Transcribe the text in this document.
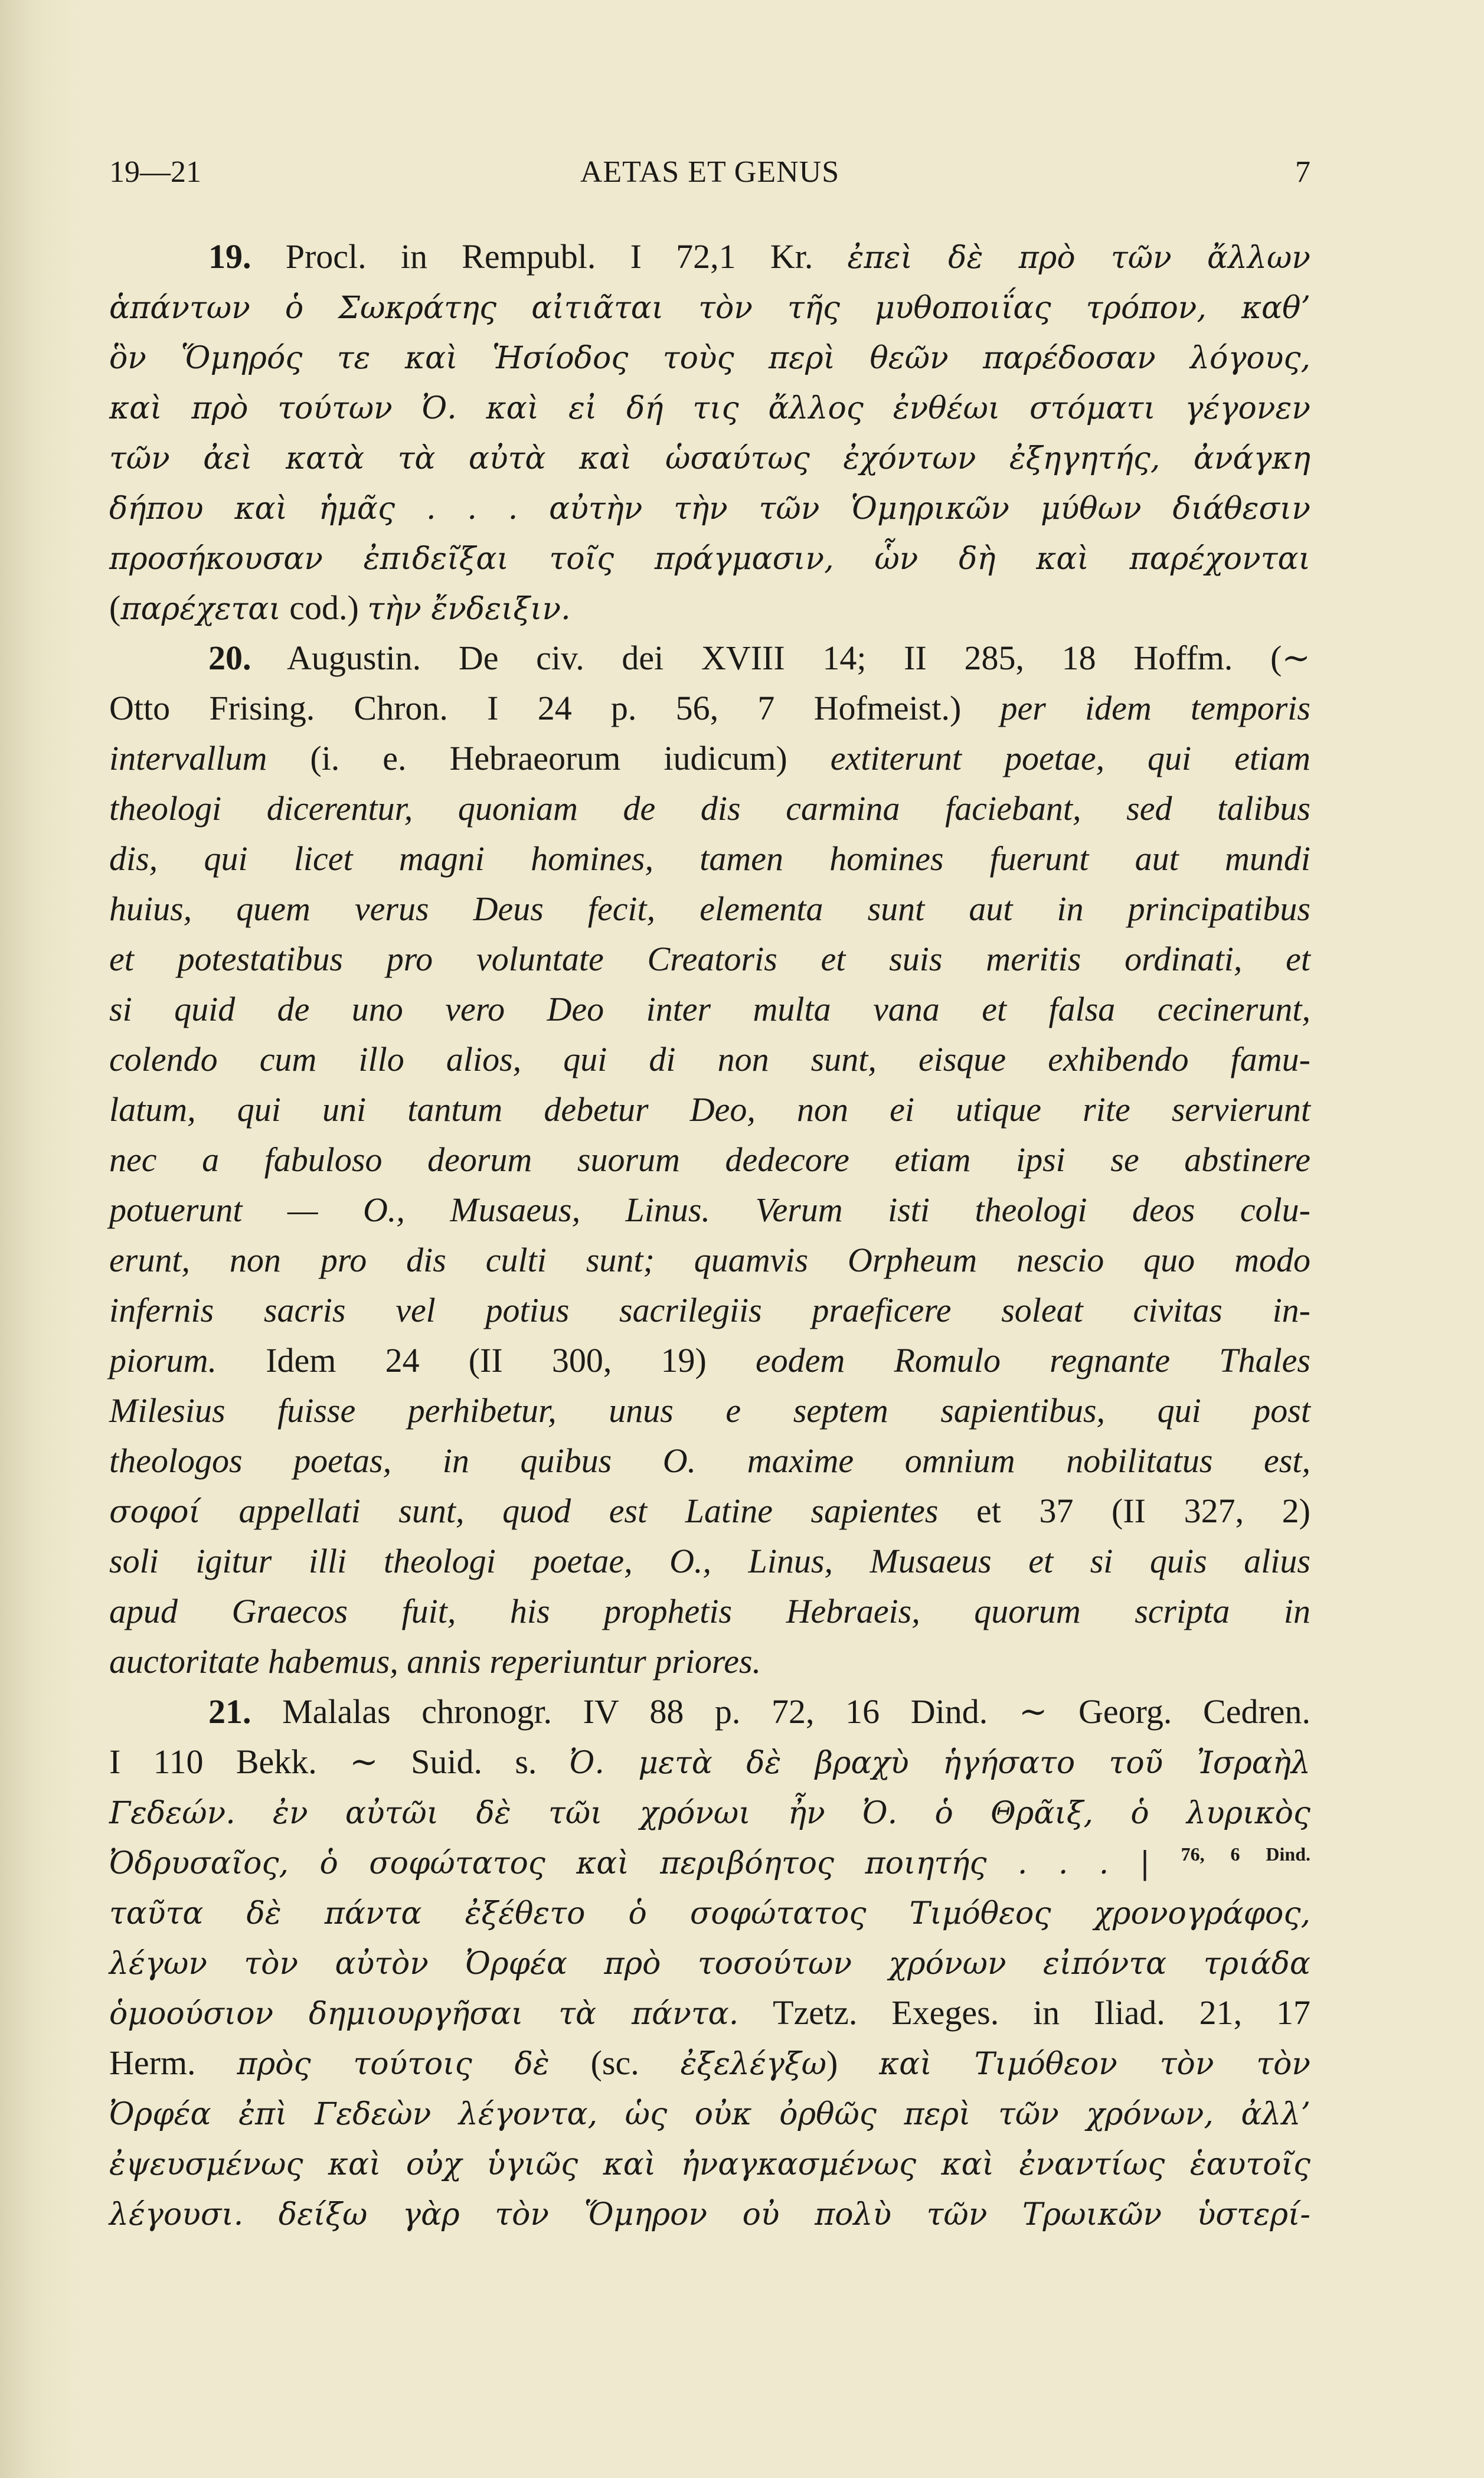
19—21	AETAS ET GENUS	7
19. Procl. in Rempubl. I 72,1 Kr. ἐπεὶ δὲ πρὸ τῶν ἄλλων
ἁπάντων ὁ Σωκράτης αἰτιᾶται τὸν τῆς μυθοποιΐας τρόπον, καθ’
ὃν Ὅμηρός τε καὶ Ἡσίοδος τοὺς περὶ θεῶν παρέδοσαν λόγους,
καὶ πρὸ τούτων Ὀ. καὶ εἰ δή τις ἄλλος ἐνθέωι στόματι γέγονεν
τῶν ἀεὶ κατὰ τὰ αὐτὰ καὶ ὡσαύτως ἐχόντων ἐξηγητής, ἀνάγκη
δήπου καὶ ἡμᾶς . . . αὐτὴν τὴν τῶν Ὁμηρικῶν μύθων διάθεσιν
προσήκουσαν ἐπιδεῖξαι τοῖς πράγμασιν, ὧν δὴ καὶ παρέχονται
(παρέχεται cod.) τὴν ἔνδειξιν.
20. Augustin. De civ. dei XVIII 14; II 285, 18 Hoffm. (∼
Otto Frising. Chron. I 24 p. 56, 7 Hofmeist.) per idem temporis
intervallum (i. e. Hebraeorum iudicum) extiterunt poetae, qui etiam
theologi dicerentur, quoniam de dis carmina faciebant, sed talibus
dis, qui licet magni homines, tamen homines fuerunt aut mundi
huius, quem verus Deus fecit, elementa sunt aut in principatibus
et potestatibus pro voluntate Creatoris et suis meritis ordinati, et
si quid de uno vero Deo inter multa vana et falsa cecinerunt,
colendo cum illo alios, qui di non sunt, eisque exhibendo famu-
latum, qui uni tantum debetur Deo, non ei utique rite servierunt
nec a fabuloso deorum suorum dedecore etiam ipsi se abstinere
potuerunt — O., Musaeus, Linus. Verum isti theologi deos colu-
erunt, non pro dis culti sunt; quamvis Orpheum nescio quo modo
infernis sacris vel potius sacrilegiis praeficere soleat civitas in-
piorum. Idem 24 (II 300, 19) eodem Romulo regnante Thales
Milesius fuisse perhibetur, unus e septem sapientibus, qui post
theologos poetas, in quibus O. maxime omnium nobilitatus est,
σοφοί appellati sunt, quod est Latine sapientes et 37 (II 327, 2)
soli igitur illi theologi poetae, O., Linus, Musaeus et si quis alius
apud Graecos fuit, his prophetis Hebraeis, quorum scripta in
auctoritate habemus, annis reperiuntur priores.
21. Malalas chronogr. IV 88 p. 72, 16 Dind. ∼ Georg. Cedren.
I 110 Bekk. ∼ Suid. s. Ὀ. μετὰ δὲ βραχὺ ἡγήσατο τοῦ Ἰσραὴλ
Γεδεών. ἐν αὐτῶι δὲ τῶι χρόνωι ἦν Ὀ. ὁ Θρᾶιξ, ὁ λυρικὸς
Ὀδρυσαῖος, ὁ σοφώτατος καὶ περιβόητος ποιητής . . . | $^{76, 6 Dind.}$
ταῦτα δὲ πάντα ἐξέθετο ὁ σοφώτατος Τιμόθεος χρονογράφος,
λέγων τὸν αὐτὸν Ὀρφέα πρὸ τοσούτων χρόνων εἰπόντα τριάδα
ὁμοούσιον δημιουργῆσαι τὰ πάντα. Tzetz. Exeges. in Iliad. 21, 17
Herm. πρὸς τούτοις δὲ (sc. ἐξελέγξω) καὶ Τιμόθεον τὸν τὸν
Ὀρφέα ἐπὶ Γεδεὼν λέγοντα, ὡς οὐκ ὀρθῶς περὶ τῶν χρόνων, ἀλλ’
ἐψευσμένως καὶ οὐχ ὑγιῶς καὶ ἠναγκασμένως καὶ ἐναντίως ἑαυτοῖς
λέγουσι. δείξω γὰρ τὸν Ὅμηρον οὐ πολὺ τῶν Τρωικῶν ὑστερί-
